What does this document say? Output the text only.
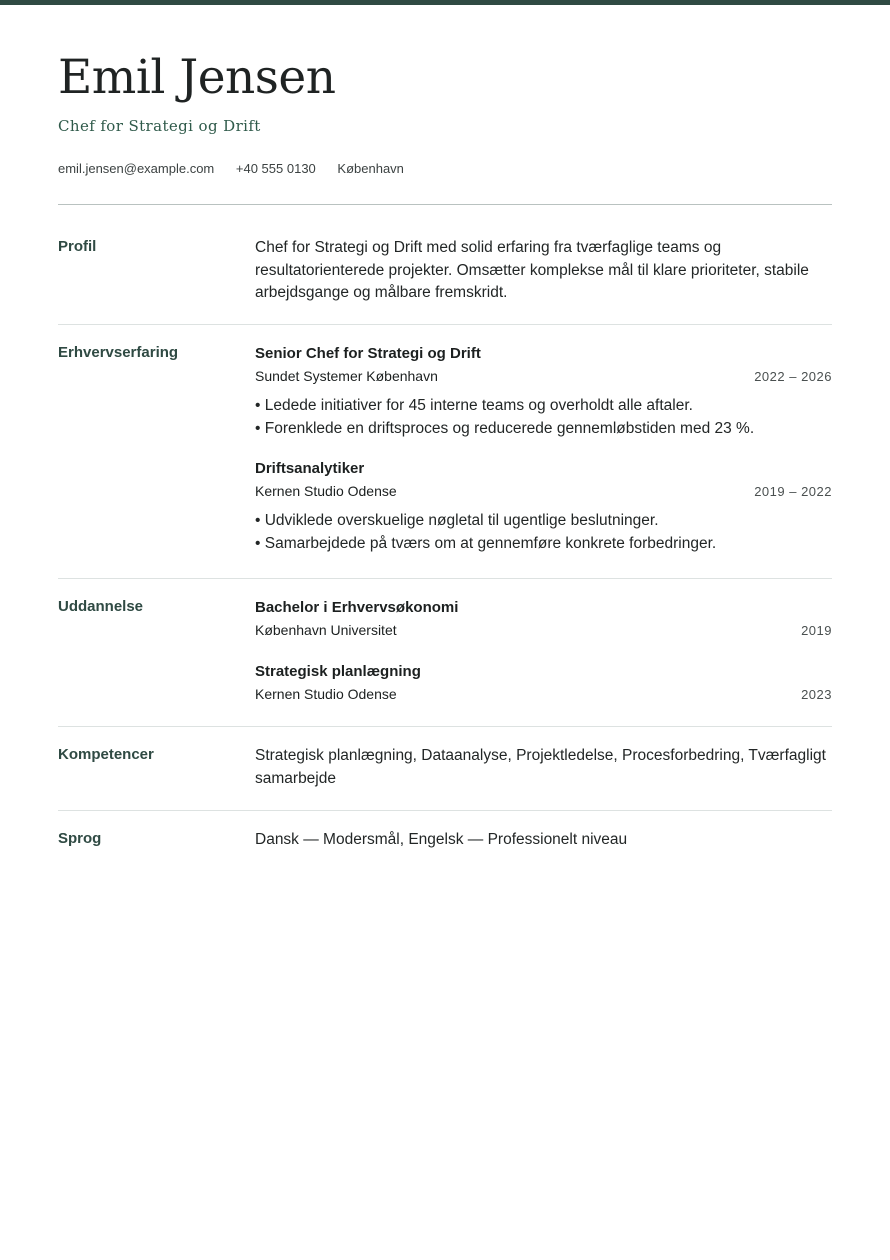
Emil Jensen
Chef for Strategi og Drift
emil.jensen@example.com +40 555 0130 København
Profil	Chef for Strategi og Drift med solid erfaring fra tværfaglige teams og resultatorienterede projekter. Omsætter komplekse mål til klare prioriteter, stabile arbejdsgange og målbare fremskridt.
Erhvervserfaring	Senior Chef for Strategi og Drift
Sundet Systemer København	2022 – 2026
• Ledede initiativer for 45 interne teams og overholdt alle aftaler.
• Forenklede en driftsproces og reducerede gennemløbstiden med 23 %.
Driftsanalytiker
Kernen Studio Odense	2019 – 2022
• Udviklede overskuelige nøgletal til ugentlige beslutninger.
• Samarbejdede på tværs om at gennemføre konkrete forbedringer.
Uddannelse	Bachelor i Erhvervsøkonomi
København Universitet	2019
Strategisk planlægning
Kernen Studio Odense	2023
Kompetencer	Strategisk planlægning, Dataanalyse, Projektledelse, Procesforbedring, Tværfagligt samarbejde
Sprog	Dansk — Modersmål, Engelsk — Professionelt niveau
